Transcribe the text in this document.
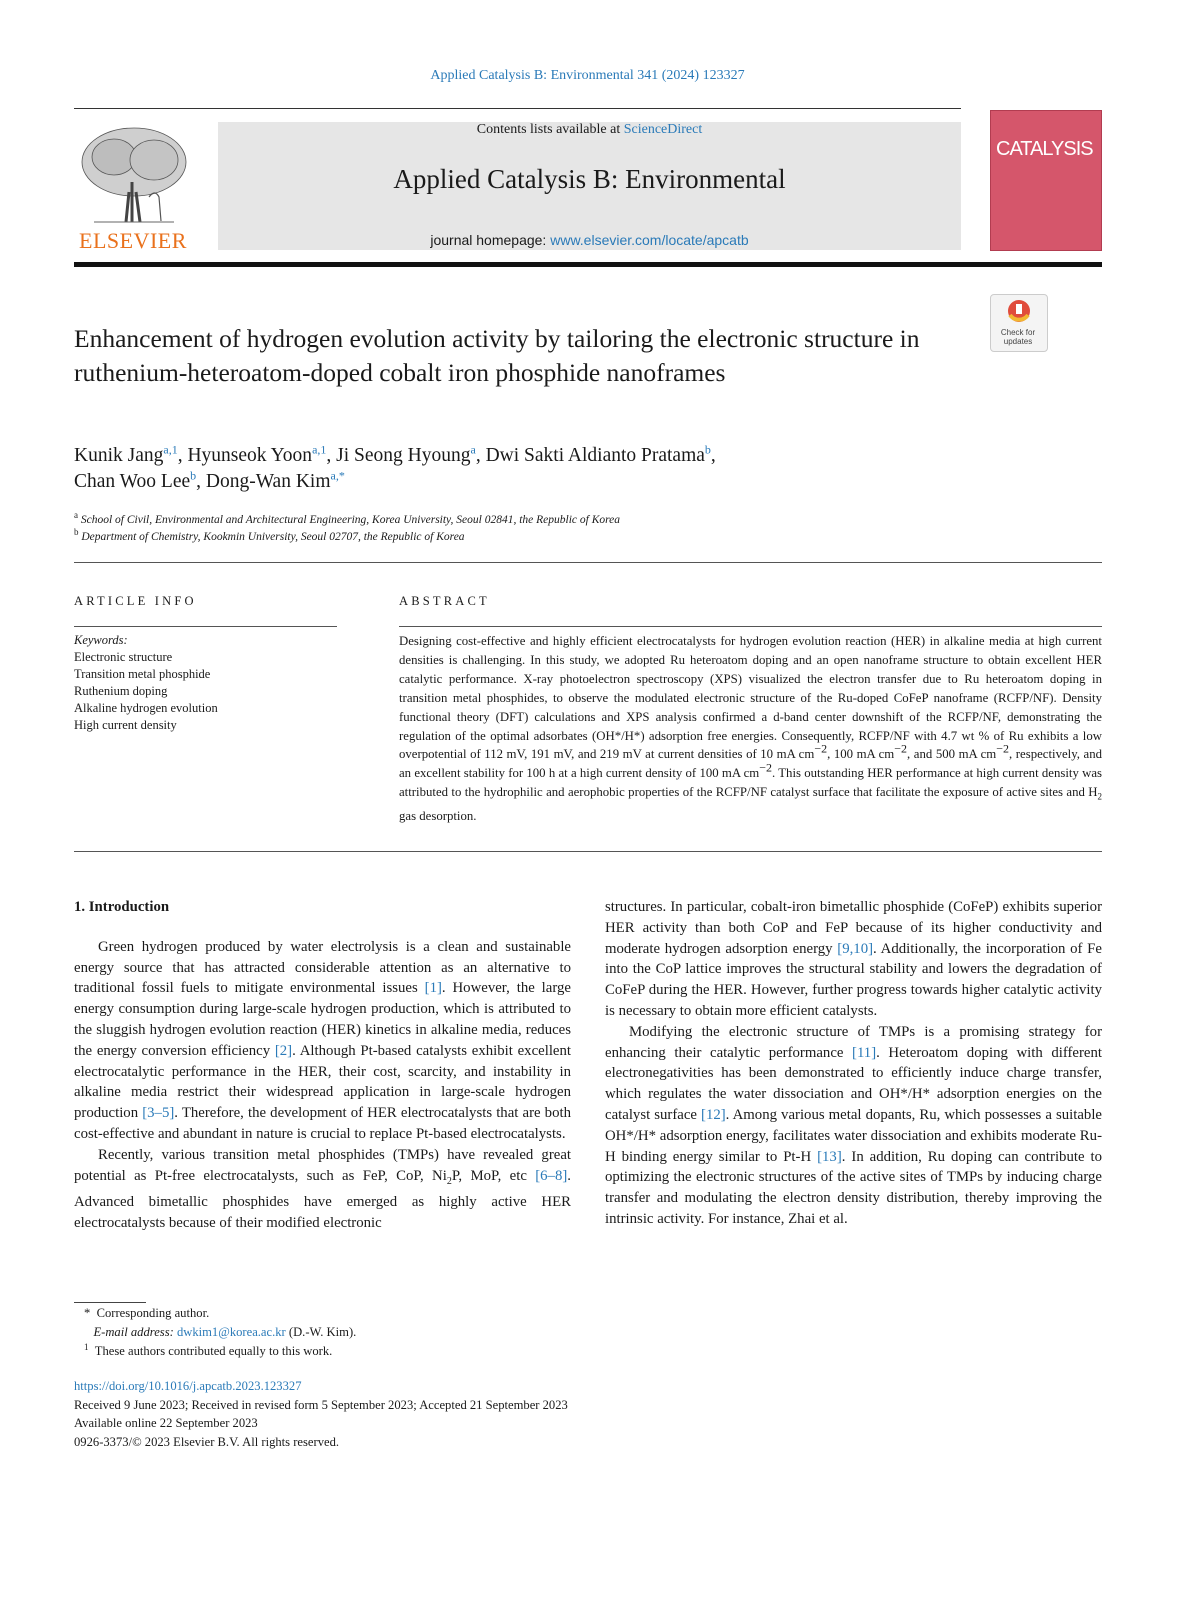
Applied Catalysis B: Environmental 341 (2024) 123327
ELSEVIER
Contents lists available at ScienceDirect
Applied Catalysis B: Environmental
journal homepage: www.elsevier.com/locate/apcatb
CATALYSIS
Check for updates
Enhancement of hydrogen evolution activity by tailoring the electronic structure in ruthenium-heteroatom-doped cobalt iron phosphide nanoframes
Kunik Jang$^{a,1}$, Hyunseok Yoon$^{a,1}$, Ji Seong Hyoung$^a$, Dwi Sakti Aldianto Pratama$^b$,
Chan Woo Lee$^b$, Dong-Wan Kim$^{a,*}$
$^a$ School of Civil, Environmental and Architectural Engineering, Korea University, Seoul 02841, the Republic of Korea
$^b$ Department of Chemistry, Kookmin University, Seoul 02707, the Republic of Korea
ARTICLE INFO	ABSTRACT
Keywords:
Electronic structure
Transition metal phosphide
Ruthenium doping
Alkaline hydrogen evolution
High current density
Designing cost-effective and highly efficient electrocatalysts for hydrogen evolution reaction (HER) in alkaline media at high current densities is challenging. In this study, we adopted Ru heteroatom doping and an open nanoframe structure to obtain excellent HER catalytic performance. X-ray photoelectron spectroscopy (XPS) visualized the electron transfer due to Ru heteroatom doping in transition metal phosphides, to observe the modulated electronic structure of the Ru-doped CoFeP nanoframe (RCFP/NF). Density functional theory (DFT) calculations and XPS analysis confirmed a d-band center downshift of the RCFP/NF, demonstrating the regulation of the optimal adsorbates (OH*/H*) adsorption free energies. Consequently, RCFP/NF with 4.7 wt % of Ru exhibits a low overpotential of 112 mV, 191 mV, and 219 mV at current densities of 10 mA $cm^{-2}$, 100 mA $cm^{-2}$, and 500 mA $cm^{-2}$, respectively, and an excellent stability for 100 h at a high current density of 100 mA $cm^{-2}$. This outstanding HER performance at high current density was attributed to the hydrophilic and aerophobic properties of the RCFP/NF catalyst surface that facilitate the exposure of active sites and $H_2$ gas desorption.

1. Introduction

Green hydrogen produced by water electrolysis is a clean and sustainable energy source that has attracted considerable attention as an alternative to traditional fossil fuels to mitigate environmental issues [1]. However, the large energy consumption during large-scale hydrogen production, which is attributed to the sluggish hydrogen evolution reaction (HER) kinetics in alkaline media, reduces the energy conversion efficiency [2]. Although Pt-based catalysts exhibit excellent electrocatalytic performance in the HER, their cost, scarcity, and instability in alkaline media restrict their widespread application in large-scale hydrogen production [3–5]. Therefore, the development of HER electrocatalysts that are both cost-effective and abundant in nature is crucial to replace Pt-based electrocatalysts.

Recently, various transition metal phosphides (TMPs) have revealed great potential as Pt-free electrocatalysts, such as FeP, CoP, $Ni_2P$, MoP, etc [6–8]. Advanced bimetallic phosphides have emerged as highly active HER electrocatalysts because of their modified electronic

structures. In particular, cobalt-iron bimetallic phosphide (CoFeP) exhibits superior HER activity than both CoP and FeP because of its higher conductivity and moderate hydrogen adsorption energy [9,10]. Additionally, the incorporation of Fe into the CoP lattice improves the structural stability and lowers the degradation of CoFeP during the HER. However, further progress towards higher catalytic activity is necessary to obtain more efficient catalysts.

Modifying the electronic structure of TMPs is a promising strategy for enhancing their catalytic performance [11]. Heteroatom doping with different electronegativities has been demonstrated to efficiently induce charge transfer, which regulates the water dissociation and OH*/H* adsorption energies on the catalyst surface [12]. Among various metal dopants, Ru, which possesses a suitable OH*/H* adsorption energy, facilitates water dissociation and exhibits moderate Ru-H binding energy similar to Pt-H [13]. In addition, Ru doping can contribute to optimizing the electronic structures of the active sites of TMPs by inducing charge transfer and modulating the electron density distribution, thereby improving the intrinsic activity. For instance, Zhai et al.

*  Corresponding author.
E-mail address: dwkim1@korea.ac.kr (D.-W. Kim).
$^1$ These authors contributed equally to this work.
https://doi.org/10.1016/j.apcatb.2023.123327
Received 9 June 2023; Received in revised form 5 September 2023; Accepted 21 September 2023
Available online 22 September 2023
0926-3373/© 2023 Elsevier B.V. All rights reserved.
